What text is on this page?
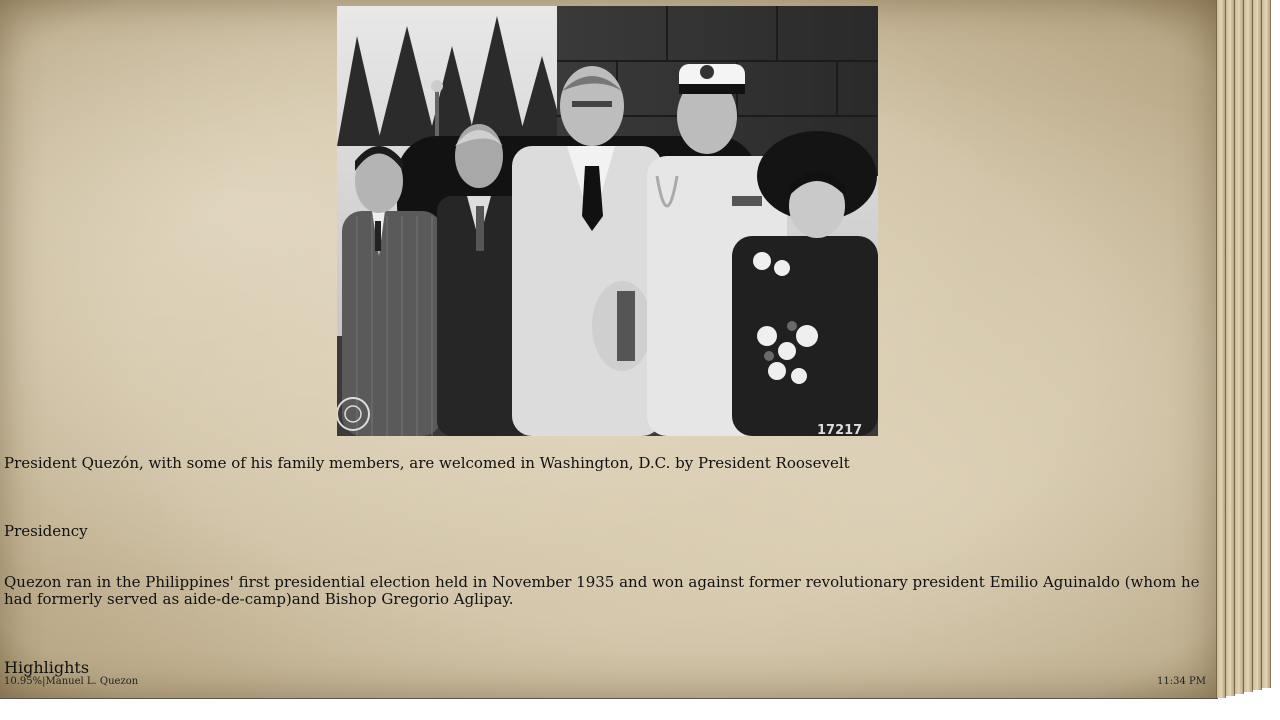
17217
President Quezón, with some of his family members, are welcomed in Washington, D.C. by President Roosevelt
Presidency
Quezon ran in the Philippines' first presidential election held in November 1935 and won against former revolutionary president Emilio Aguinaldo (whom he had formerly served as aide-de-camp)and Bishop Gregorio Aglipay.
Highlights
10.95%|Manuel L. Quezon	11:34 PM
